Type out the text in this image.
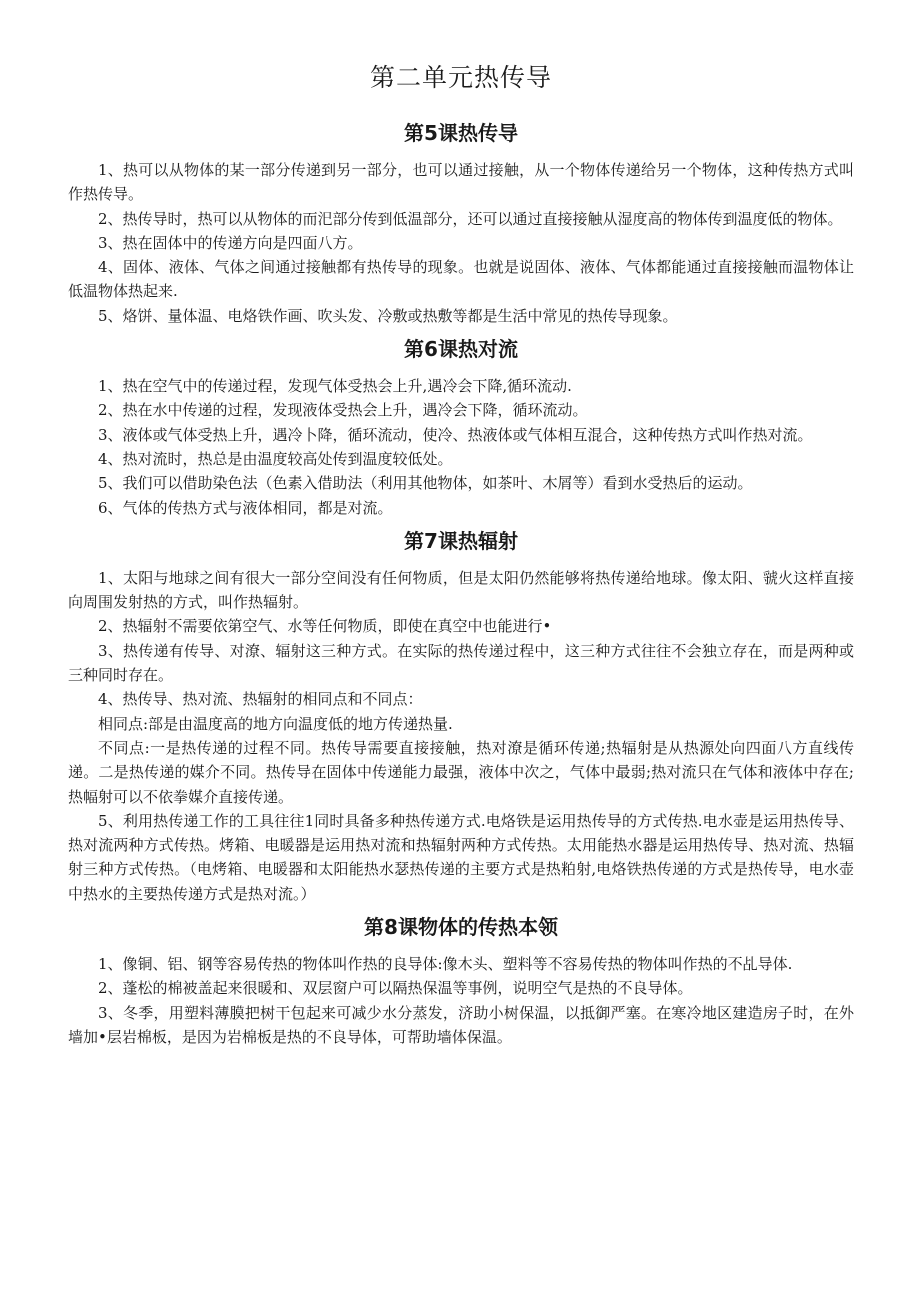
第二单元热传导
第5课热传导

1、热可以从物体的某一部分传递到另一部分，也可以通过接触，从一个物体传递给另一个物体，这种传热方式叫作热传导。

2、热传导时，热可以从物体的而汜部分传到低温部分，还可以通过直接接触从湿度高的物体传到温度低的物体。

3、热在固体中的传递方向是四面八方。

4、固体、液体、气体之间通过接触都有热传导的现象。也就是说固体、液体、气体都能通过直接接触而温物体让低温物体热起来.

5、烙饼、量体温、电烙铁作画、吹头发、冷敷或热敷等都是生活中常见的热传导现象。

第6课热对流

1、热在空气中的传递过程，发现气体受热会上升,遇冷会下降,循环流动.

2、热在水中传递的过程，发现液体受热会上升，遇冷会下降，循环流动。

3、液体或气体受热上升，遇冷卜降，循环流动，使冷、热液体或气体相互混合，这种传热方式叫作热对流。

4、热对流时，热总是由温度较高处传到温度较低处。

5、我们可以借助染色法（色素入借助法（利用其他物体，如茶叶、木屑等）看到水受热后的运动。

6、气体的传热方式与液体相同，都是对流。

第7课热辐射

1、太阳与地球之间有很大一部分空间没有任何物质，但是太阳仍然能够将热传递给地球。像太阳、虢火这样直接向周围发射热的方式，叫作热辐射。

2、热辐射不需要依第空气、水等任何物质，即使在真空中也能进行•

3、热传递有传导、对潦、辐射这三种方式。在实际的热传递过程中，这三种方式往往不会独立存在，而是两种或三种同时存在。

4、热传导、热对流、热辐射的相同点和不同点：

相同点:部是由温度高的地方向温度低的地方传递热量.

不同点:一是热传递的过程不同。热传导需要直接接触，热对潦是循环传递;热辐射是从热源处向四面八方直线传递。二是热传递的媒介不同。热传导在固体中传递能力最强，液体中次之，气体中最弱;热对流只在气体和液体中存在;热幅射可以不依拳媒介直接传递。

5、利用热传递工作的工具往往1同时具备多种热传递方式.电烙铁是运用热传导的方式传热.电水壶是运用热传导、热对流两种方式传热。烤箱、电暖器是运用热对流和热辐射两种方式传热。太用能热水器是运用热传导、热对流、热辐射三种方式传热。（电烤箱、电暖器和太阳能热水瑟热传递的主要方式是热粕射,电烙铁热传递的方式是热传导，电水壶中热水的主要热传递方式是热对流。）

第8课物体的传热本领

1、像铜、铝、钢等容易传热的物体叫作热的良导体:像木头、塑料等不容易传热的物体叫作热的不乩导体.

2、蓬松的棉被盖起来很暖和、双层窗户可以隔热保温等事例，说明空气是热的不良导体。

3、冬季，用塑料薄膜把树干包起来可减少水分蒸发，济助小树保温，以抵御严塞。在寒冷地区建造房子时，在外墙加•层岩棉板，是因为岩棉板是热的不良导体，可帮助墙体保温。
